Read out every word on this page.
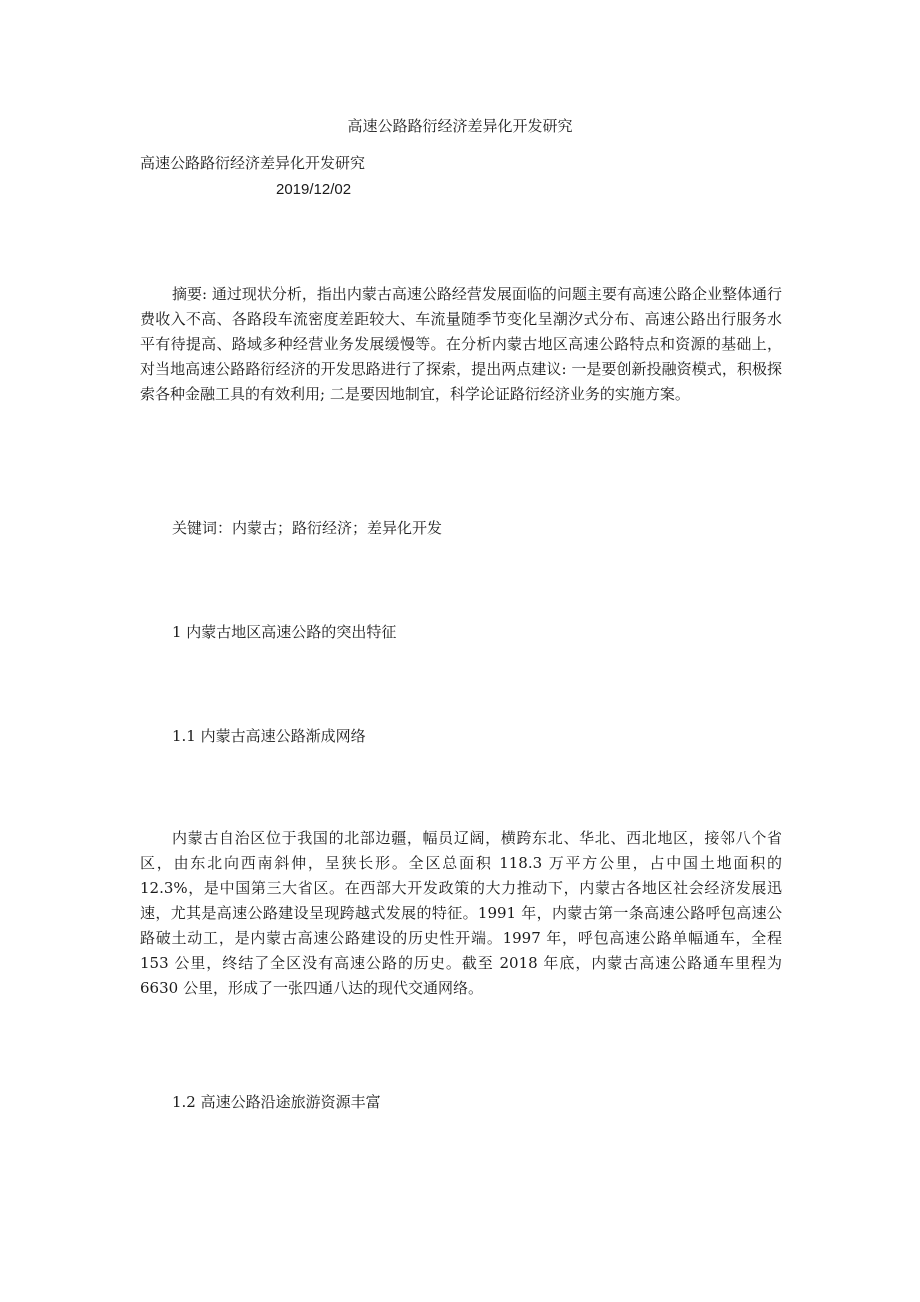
高速公路路衍经济差异化开发研究
高速公路路衍经济差异化开发研究
2019/12/02

摘要: 通过现状分析，指出内蒙古高速公路经营发展面临的问题主要有高速公路企业整体通行费收入不高、各路段车流密度差距较大、车流量随季节变化呈潮汐式分布、高速公路出行服务水平有待提高、路域多种经营业务发展缓慢等。在分析内蒙古地区高速公路特点和资源的基础上，对当地高速公路路衍经济的开发思路进行了探索，提出两点建议: 一是要创新投融资模式，积极探索各种金融工具的有效利用; 二是要因地制宜，科学论证路衍经济业务的实施方案。

关键词：内蒙古；路衍经济；差异化开发

1 内蒙古地区高速公路的突出特征
1.1 内蒙古高速公路渐成网络

内蒙古自治区位于我国的北部边疆，幅员辽阔，横跨东北、华北、西北地区，接邻八个省区，由东北向西南斜伸，呈狭长形。全区总面积 118.3 万平方公里，占中国土地面积的 12.3%，是中国第三大省区。在西部大开发政策的大力推动下，内蒙古各地区社会经济发展迅速，尤其是高速公路建设呈现跨越式发展的特征。1991 年，内蒙古第一条高速公路呼包高速公路破土动工，是内蒙古高速公路建设的历史性开端。1997 年，呼包高速公路单幅通车，全程 153 公里，终结了全区没有高速公路的历史。截至 2018 年底，内蒙古高速公路通车里程为 6630 公里，形成了一张四通八达的现代交通网络。

1.2 高速公路沿途旅游资源丰富
